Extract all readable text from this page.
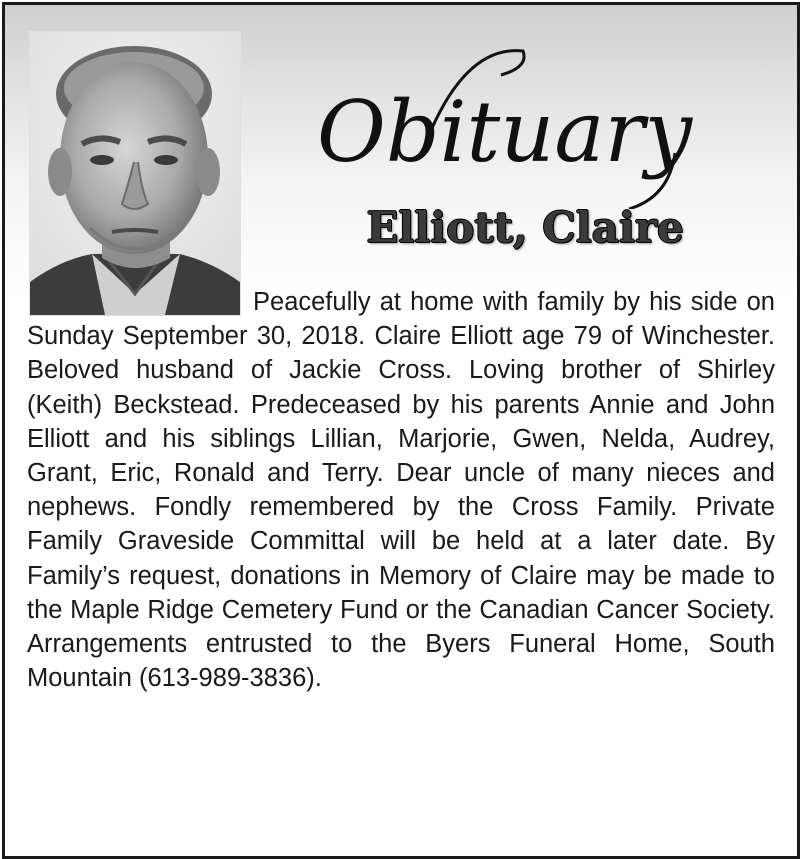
Obituary
Elliott, Claire

Peacefully at home with family by his side on Sunday September 30, 2018. Claire Elliott age 79 of Winchester. Beloved husband of Jackie Cross. Loving brother of Shirley (Keith) Beckstead. Predeceased by his parents Annie and John Elliott and his siblings Lillian, Marjorie, Gwen, Nelda, Audrey, Grant, Eric, Ronald and Terry. Dear uncle of many nieces and nephews. Fondly remembered by the Cross Family. Private Family Graveside Committal will be held at a later date. By Family’s request, donations in Memory of Claire may be made to the Maple Ridge Cemetery Fund or the Canadian Cancer Society. Arrangements entrusted to the Byers Funeral Home, South Mountain (613-989-3836).
